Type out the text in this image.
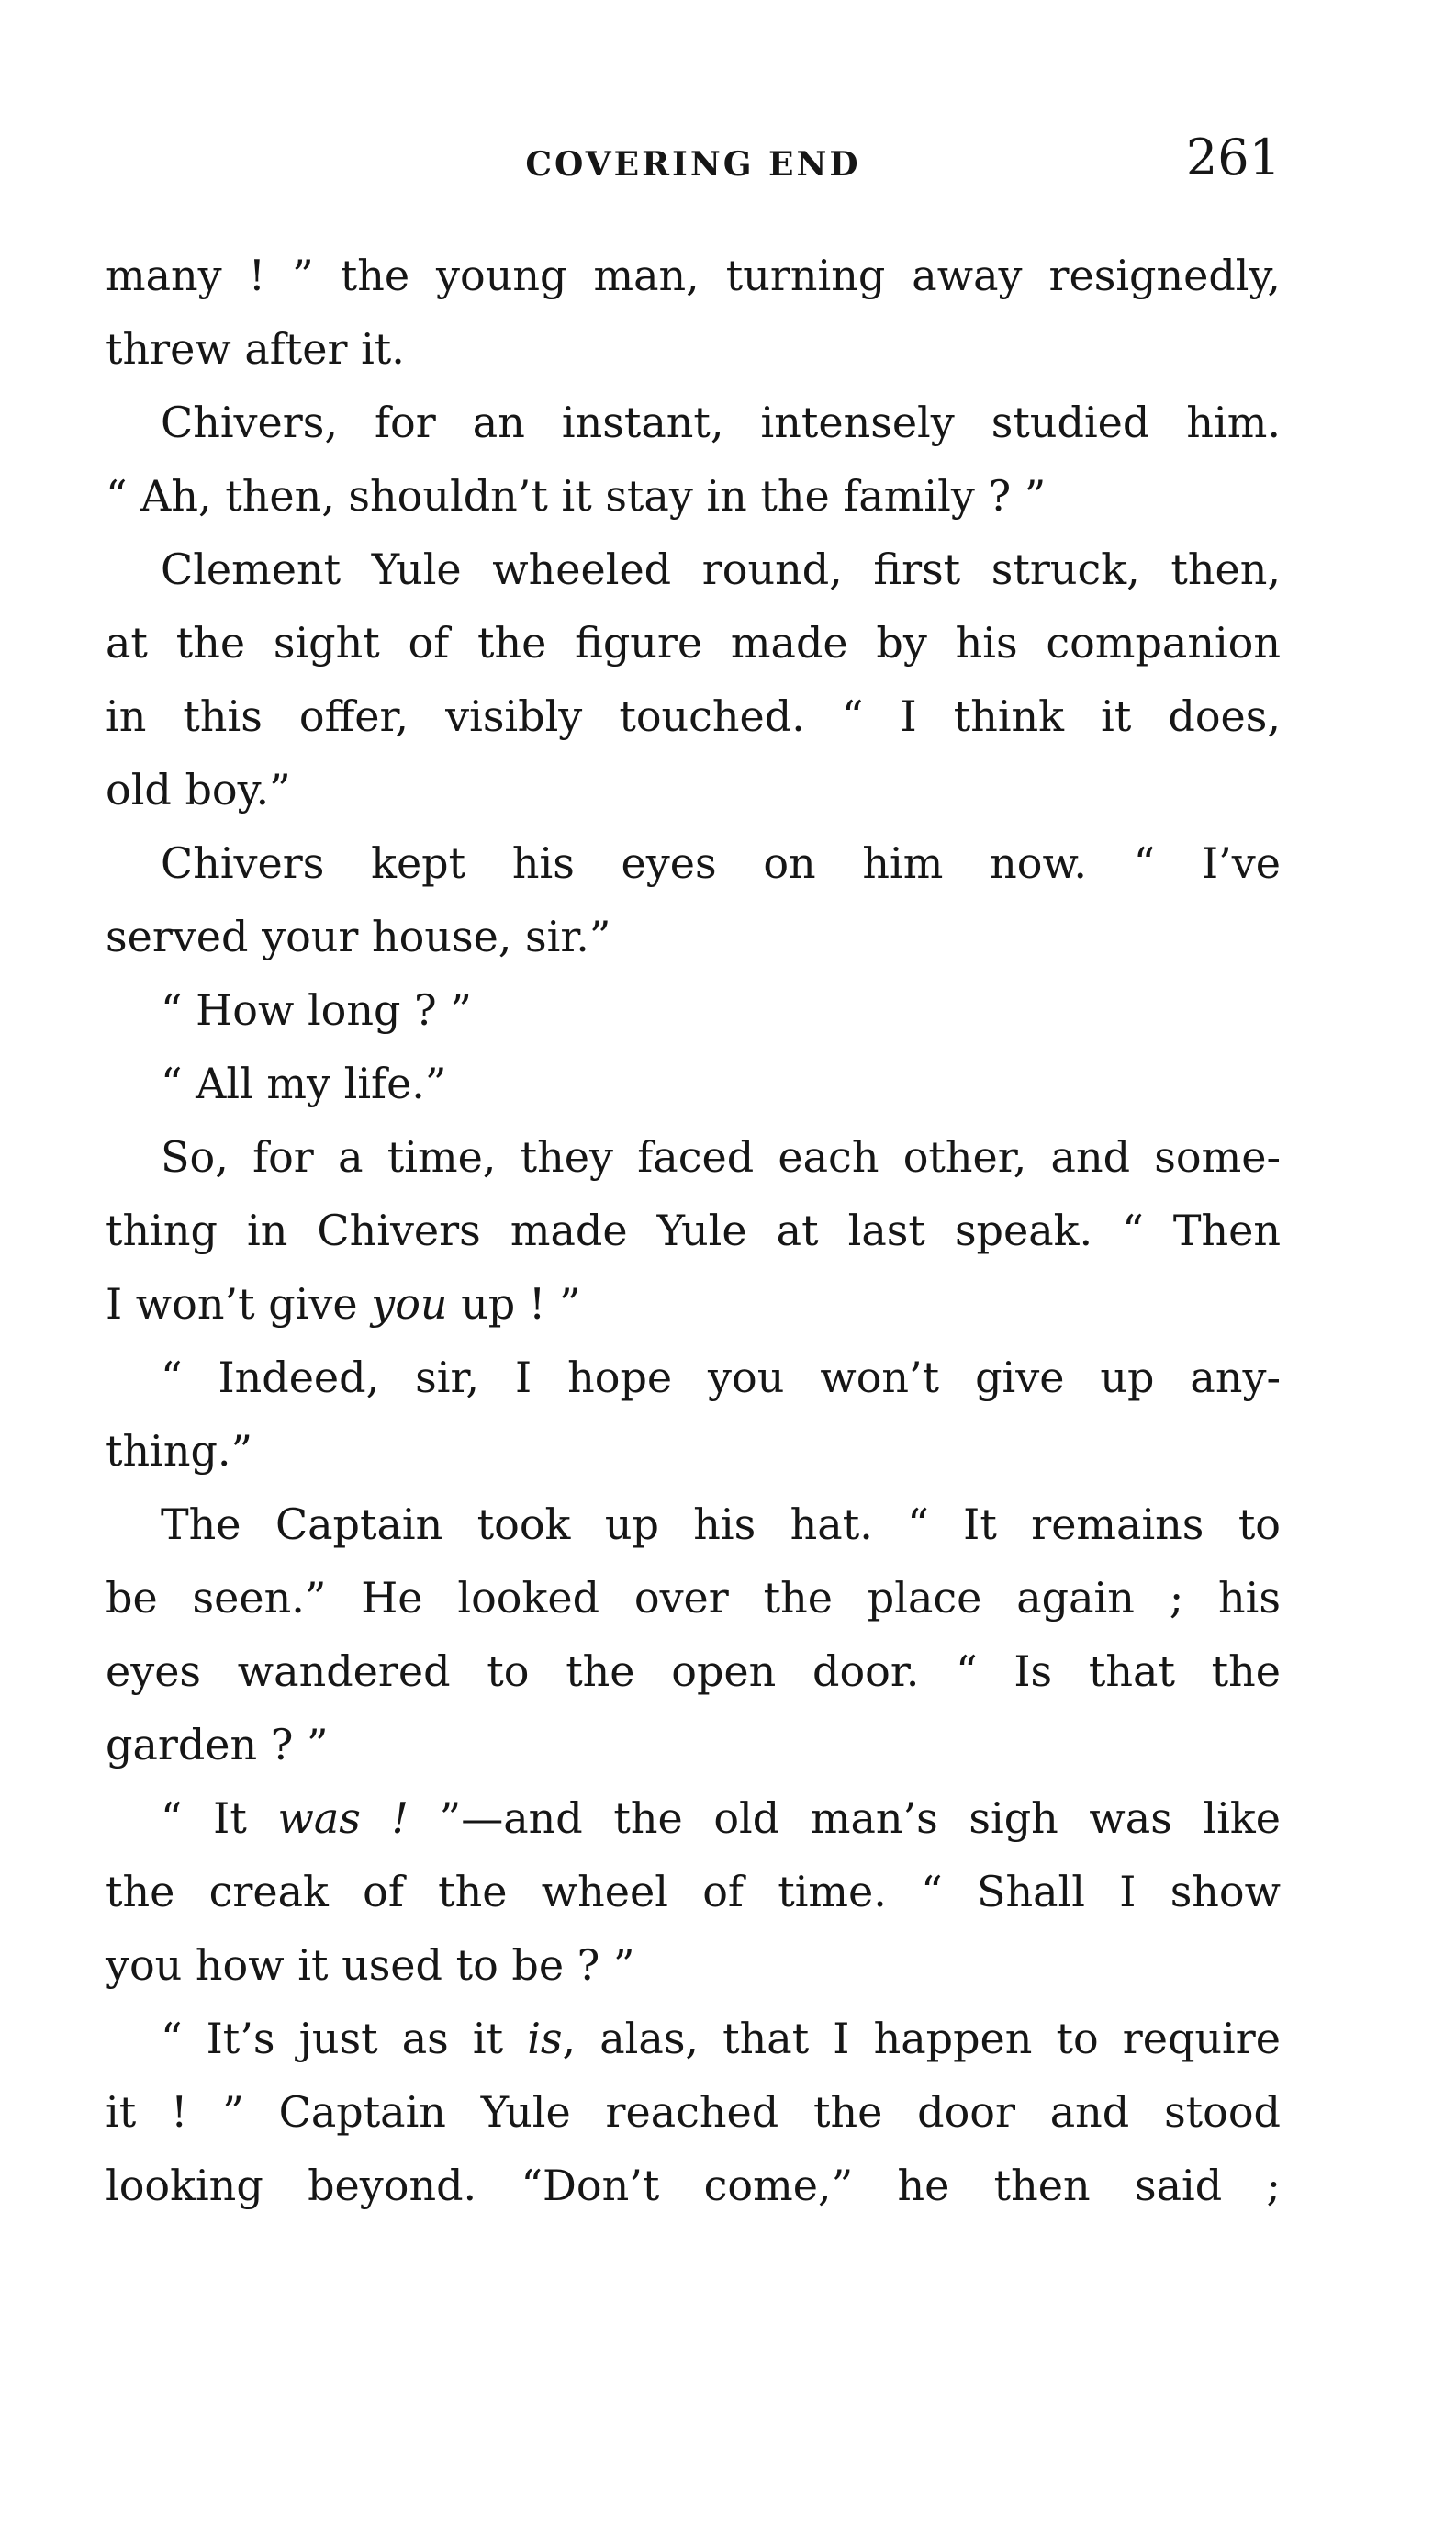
COVERING END	261
many ! ” the young man, turning away resignedly,
threw after it.
Chivers, for an instant, intensely studied him.
“ Ah, then, shouldn’t it stay in the family ? ”
Clement Yule wheeled round, first struck, then,
at the sight of the figure made by his companion
in this offer, visibly touched. “ I think it does,
old boy.”
Chivers kept his eyes on him now. “ I’ve
served your house, sir.”
“ How long ? ”
“ All my life.”
So, for a time, they faced each other, and some-
thing in Chivers made Yule at last speak. “ Then
I won’t give you up ! ”
“ Indeed, sir, I hope you won’t give up any-
thing.”
The Captain took up his hat. “ It remains to
be seen.” He looked over the place again ; his
eyes wandered to the open door. “ Is that the
garden ? ”
“ It was ! ”—and the old man’s sigh was like
the creak of the wheel of time. “ Shall I show
you how it used to be ? ”
“ It’s just as it is, alas, that I happen to require
it ! ” Captain Yule reached the door and stood
looking beyond. “Don’t come,” he then said ;
